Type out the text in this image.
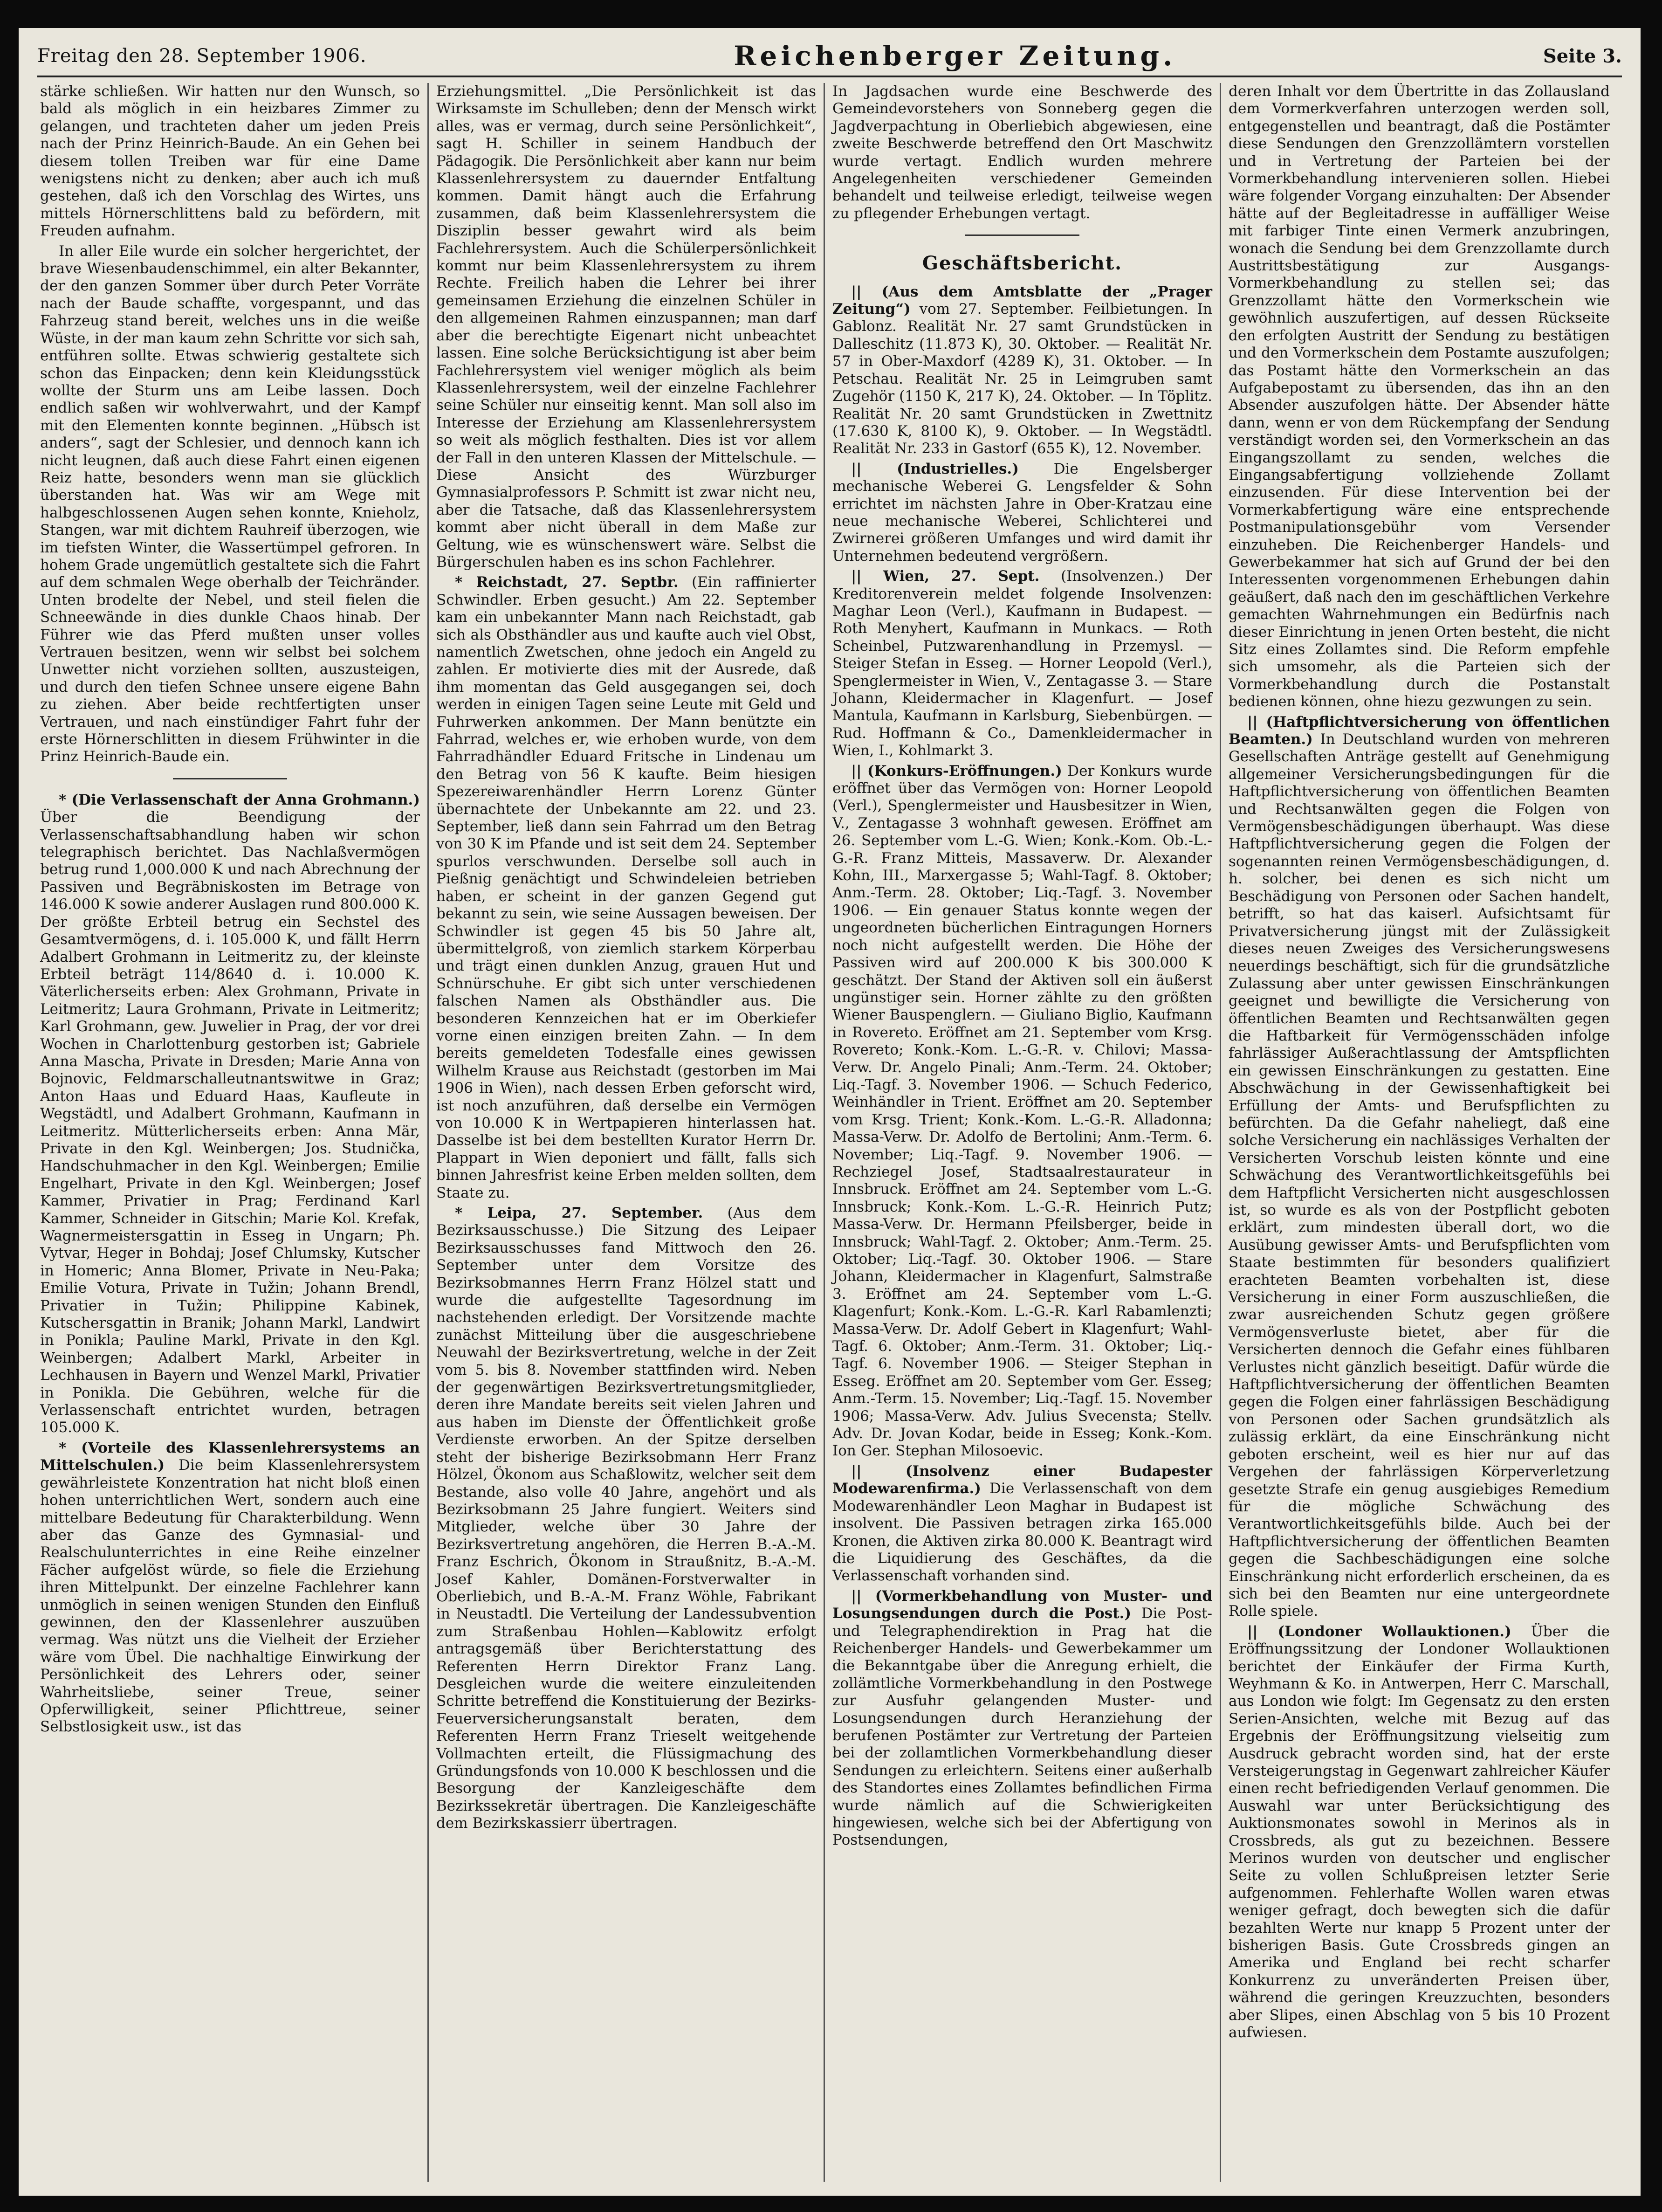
Freitag den 28. September 1906.	Reichenberger Zeitung.	Seite 3.

stärke schließen. Wir hatten nur den Wunsch, so bald als möglich in ein heizbares Zimmer zu gelangen, und trachteten daher um jeden Preis nach der Prinz Heinrich-Baude. An ein Gehen bei diesem tollen Treiben war für eine Dame wenigstens nicht zu denken; aber auch ich muß gestehen, daß ich den Vorschlag des Wirtes, uns mittels Hörnerschlittens bald zu befördern, mit Freuden aufnahm.

In aller Eile wurde ein solcher hergerichtet, der brave Wiesenbaudenschimmel, ein alter Bekannter, der den ganzen Sommer über durch Peter Vorräte nach der Baude schaffte, vorgespannt, und das Fahrzeug stand bereit, welches uns in die weiße Wüste, in der man kaum zehn Schritte vor sich sah, entführen sollte. Etwas schwierig gestaltete sich schon das Einpacken; denn kein Kleidungsstück wollte der Sturm uns am Leibe lassen. Doch endlich saßen wir wohlverwahrt, und der Kampf mit den Elementen konnte beginnen. „Hübsch ist anders“, sagt der Schlesier, und dennoch kann ich nicht leugnen, daß auch diese Fahrt einen eigenen Reiz hatte, besonders wenn man sie glücklich überstanden hat. Was wir am Wege mit halbgeschlossenen Augen sehen konnte, Knieholz, Stangen, war mit dichtem Rauhreif überzogen, wie im tiefsten Winter, die Wassertümpel gefroren. In hohem Grade ungemütlich gestaltete sich die Fahrt auf dem schmalen Wege oberhalb der Teichränder. Unten brodelte der Nebel, und steil fielen die Schneewände in dies dunkle Chaos hinab. Der Führer wie das Pferd mußten unser volles Vertrauen besitzen, wenn wir selbst bei solchem Unwetter nicht vorziehen sollten, auszusteigen, und durch den tiefen Schnee unsere eigene Bahn zu ziehen. Aber beide rechtfertigten unser Vertrauen, und nach einstündiger Fahrt fuhr der erste Hörnerschlitten in diesem Frühwinter in die Prinz Heinrich-Baude ein.

* (Die Verlassenschaft der Anna Grohmann.) Über die Beendigung der Verlassenschaftsabhandlung haben wir schon telegraphisch berichtet. Das Nachlaßvermögen betrug rund 1,000.000 K und nach Abrechnung der Passiven und Begräbniskosten im Betrage von 146.000 K sowie anderer Auslagen rund 800.000 K. Der größte Erbteil betrug ein Sechstel des Gesamtvermögens, d. i. 105.000 K, und fällt Herrn Adalbert Grohmann in Leitmeritz zu, der kleinste Erbteil beträgt 114/8640 d. i. 10.000 K. Väterlicherseits erben: Alex Grohmann, Private in Leitmeritz; Laura Grohmann, Private in Leitmeritz; Karl Grohmann, gew. Juwelier in Prag, der vor drei Wochen in Charlottenburg gestorben ist; Gabriele Anna Mascha, Private in Dresden; Marie Anna von Bojnovic, Feldmarschalleutnantswitwe in Graz; Anton Haas und Eduard Haas, Kaufleute in Wegstädtl, und Adalbert Grohmann, Kaufmann in Leitmeritz. Mütterlicherseits erben: Anna Mär, Private in den Kgl. Weinbergen; Jos. Studnička, Handschuhmacher in den Kgl. Weinbergen; Emilie Engelhart, Private in den Kgl. Weinbergen; Josef Kammer, Privatier in Prag; Ferdinand Karl Kammer, Schneider in Gitschin; Marie Kol. Krefak, Wagnermeistersgattin in Esseg in Ungarn; Ph. Vytvar, Heger in Bohdaj; Josef Chlumsky, Kutscher in Homeric; Anna Blomer, Private in Neu-Paka; Emilie Votura, Private in Tužin; Johann Brendl, Privatier in Tužin; Philippine Kabinek, Kutschersgattin in Branik; Johann Markl, Landwirt in Ponikla; Pauline Markl, Private in den Kgl. Weinbergen; Adalbert Markl, Arbeiter in Lechhausen in Bayern und Wenzel Markl, Privatier in Ponikla. Die Gebühren, welche für die Verlassenschaft entrichtet wurden, betragen 105.000 K.

* (Vorteile des Klassenlehrersystems an Mittelschulen.) Die beim Klassenlehrersystem gewährleistete Konzentration hat nicht bloß einen hohen unterrichtlichen Wert, sondern auch eine mittelbare Bedeutung für Charakterbildung. Wenn aber das Ganze des Gymnasial- und Realschulunterrichtes in eine Reihe einzelner Fächer aufgelöst würde, so fiele die Erziehung ihren Mittelpunkt. Der einzelne Fachlehrer kann unmöglich in seinen wenigen Stunden den Einfluß gewinnen, den der Klassenlehrer auszuüben vermag. Was nützt uns die Vielheit der Erzieher wäre vom Übel. Die nachhaltige Einwirkung der Persönlichkeit des Lehrers oder, seiner Wahrheitsliebe, seiner Treue, seiner Opferwilligkeit, seiner Pflichttreue, seiner Selbstlosigkeit usw., ist das

Erziehungsmittel. „Die Persönlichkeit ist das Wirksamste im Schulleben; denn der Mensch wirkt alles, was er vermag, durch seine Persönlichkeit“, sagt H. Schiller in seinem Handbuch der Pädagogik. Die Persönlichkeit aber kann nur beim Klassenlehrersystem zu dauernder Entfaltung kommen. Damit hängt auch die Erfahrung zusammen, daß beim Klassenlehrersystem die Disziplin besser gewahrt wird als beim Fachlehrersystem. Auch die Schülerpersönlichkeit kommt nur beim Klassenlehrersystem zu ihrem Rechte. Freilich haben die Lehrer bei ihrer gemeinsamen Erziehung die einzelnen Schüler in den allgemeinen Rahmen einzuspannen; man darf aber die berechtigte Eigenart nicht unbeachtet lassen. Eine solche Berücksichtigung ist aber beim Fachlehrersystem viel weniger möglich als beim Klassenlehrersystem, weil der einzelne Fachlehrer seine Schüler nur einseitig kennt. Man soll also im Interesse der Erziehung am Klassenlehrersystem so weit als möglich festhalten. Dies ist vor allem der Fall in den unteren Klassen der Mittelschule. — Diese Ansicht des Würzburger Gymnasialprofessors P. Schmitt ist zwar nicht neu, aber die Tatsache, daß das Klassenlehrersystem kommt aber nicht überall in dem Maße zur Geltung, wie es wünschenswert wäre. Selbst die Bürgerschulen haben es ins schon Fachlehrer.

* Reichstadt, 27. Septbr. (Ein raffinierter Schwindler. Erben gesucht.) Am 22. September kam ein unbekannter Mann nach Reichstadt, gab sich als Obsthändler aus und kaufte auch viel Obst, namentlich Zwetschen, ohne jedoch ein Angeld zu zahlen. Er motivierte dies mit der Ausrede, daß ihm momentan das Geld ausgegangen sei, doch werden in einigen Tagen seine Leute mit Geld und Fuhrwerken ankommen. Der Mann benützte ein Fahrrad, welches er, wie erhoben wurde, von dem Fahrradhändler Eduard Fritsche in Lindenau um den Betrag von 56 K kaufte. Beim hiesigen Spezereiwarenhändler Herrn Lorenz Günter übernachtete der Unbekannte am 22. und 23. September, ließ dann sein Fahrrad um den Betrag von 30 K im Pfande und ist seit dem 24. September spurlos verschwunden. Derselbe soll auch in Pießnig genächtigt und Schwindeleien betrieben haben, er scheint in der ganzen Gegend gut bekannt zu sein, wie seine Aussagen beweisen. Der Schwindler ist gegen 45 bis 50 Jahre alt, übermittelgroß, von ziemlich starkem Körperbau und trägt einen dunklen Anzug, grauen Hut und Schnürschuhe. Er gibt sich unter verschiedenen falschen Namen als Obsthändler aus. Die besonderen Kennzeichen hat er im Oberkiefer vorne einen einzigen breiten Zahn. — In dem bereits gemeldeten Todesfalle eines gewissen Wilhelm Krause aus Reichstadt (gestorben im Mai 1906 in Wien), nach dessen Erben geforscht wird, ist noch anzuführen, daß derselbe ein Vermögen von 10.000 K in Wertpapieren hinterlassen hat. Dasselbe ist bei dem bestellten Kurator Herrn Dr. Plappart in Wien deponiert und fällt, falls sich binnen Jahresfrist keine Erben melden sollten, dem Staate zu.

* Leipa, 27. September. (Aus dem Bezirksausschusse.) Die Sitzung des Leipaer Bezirksausschusses fand Mittwoch den 26. September unter dem Vorsitze des Bezirksobmannes Herrn Franz Hölzel statt und wurde die aufgestellte Tagesordnung im nachstehenden erledigt. Der Vorsitzende machte zunächst Mitteilung über die ausgeschriebene Neuwahl der Bezirksvertretung, welche in der Zeit vom 5. bis 8. November stattfinden wird. Neben der gegenwärtigen Bezirksvertretungsmitglieder, deren ihre Mandate bereits seit vielen Jahren und aus haben im Dienste der Öffentlichkeit große Verdienste erworben. An der Spitze derselben steht der bisherige Bezirksobmann Herr Franz Hölzel, Ökonom aus Schaßlowitz, welcher seit dem Bestande, also volle 40 Jahre, angehört und als Bezirksobmann 25 Jahre fungiert. Weiters sind Mitglieder, welche über 30 Jahre der Bezirksvertretung angehören, die Herren B.-A.-M. Franz Eschrich, Ökonom in Straußnitz, B.-A.-M. Josef Kahler, Domänen-Forstverwalter in Oberliebich, und B.-A.-M. Franz Wöhle, Fabrikant in Neustadtl. Die Verteilung der Landessubvention zum Straßenbau Hohlen—Kablowitz erfolgt antragsgemäß über Berichterstattung des Referenten Herrn Direktor Franz Lang. Desgleichen wurde die weitere einzuleitenden Schritte betreffend die Konstituierung der Bezirks-Feuerversicherungsanstalt beraten, dem Referenten Herrn Franz Trieselt weitgehende Vollmachten erteilt, die Flüssigmachung des Gründungsfonds von 10.000 K beschlossen und die Besorgung der Kanzleigeschäfte dem Bezirkssekretär übertragen. Die Kanzleigeschäfte dem Bezirkskassierr übertragen.

In Jagdsachen wurde eine Beschwerde des Gemeindevorstehers von Sonneberg gegen die Jagdverpachtung in Oberliebich abgewiesen, eine zweite Beschwerde betreffend den Ort Maschwitz wurde vertagt. Endlich wurden mehrere Angelegenheiten verschiedener Gemeinden behandelt und teilweise erledigt, teilweise wegen zu pflegender Erhebungen vertagt.

Geschäftsbericht.

|| (Aus dem Amtsblatte der „Prager Zeitung“) vom 27. September. Feilbietungen. In Gablonz. Realität Nr. 27 samt Grundstücken in Dalleschitz (11.873 K), 30. Oktober. — Realität Nr. 57 in Ober-Maxdorf (4289 K), 31. Oktober. — In Petschau. Realität Nr. 25 in Leimgruben samt Zugehör (1150 K, 217 K), 24. Oktober. — In Töplitz. Realität Nr. 20 samt Grundstücken in Zwettnitz (17.630 K, 8100 K), 9. Oktober. — In Wegstädtl. Realität Nr. 233 in Gastorf (655 K), 12. November.

|| (Industrielles.) Die Engelsberger mechanische Weberei G. Lengsfelder & Sohn errichtet im nächsten Jahre in Ober-Kratzau eine neue mechanische Weberei, Schlichterei und Zwirnerei größeren Umfanges und wird damit ihr Unternehmen bedeutend vergrößern.

|| Wien, 27. Sept. (Insolvenzen.) Der Kreditorenverein meldet folgende Insolvenzen: Maghar Leon (Verl.), Kaufmann in Budapest. — Roth Menyhert, Kaufmann in Munkacs. — Roth Scheinbel, Putzwarenhandlung in Przemysl. — Steiger Stefan in Esseg. — Horner Leopold (Verl.), Spenglermeister in Wien, V., Zentagasse 3. — Stare Johann, Kleidermacher in Klagenfurt. — Josef Mantula, Kaufmann in Karlsburg, Siebenbürgen. — Rud. Hoffmann & Co., Damenkleidermacher in Wien, I., Kohlmarkt 3.

|| (Konkurs-Eröffnungen.) Der Konkurs wurde eröffnet über das Vermögen von: Horner Leopold (Verl.), Spenglermeister und Hausbesitzer in Wien, V., Zentagasse 3 wohnhaft gewesen. Eröffnet am 26. September vom L.-G. Wien; Konk.-Kom. Ob.-L.-G.-R. Franz Mitteis, Massaverw. Dr. Alexander Kohn, III., Marxergasse 5; Wahl-Tagf. 8. Oktober; Anm.-Term. 28. Oktober; Liq.-Tagf. 3. November 1906. — Ein genauer Status konnte wegen der ungeordneten bücherlichen Eintragungen Horners noch nicht aufgestellt werden. Die Höhe der Passiven wird auf 200.000 K bis 300.000 K geschätzt. Der Stand der Aktiven soll ein äußerst ungünstiger sein. Horner zählte zu den größten Wiener Bauspenglern. — Giuliano Biglio, Kaufmann in Rovereto. Eröffnet am 21. September vom Krsg. Rovereto; Konk.-Kom. L.-G.-R. v. Chilovi; Massa-Verw. Dr. Angelo Pinali; Anm.-Term. 24. Oktober; Liq.-Tagf. 3. November 1906. — Schuch Federico, Weinhändler in Trient. Eröffnet am 20. September vom Krsg. Trient; Konk.-Kom. L.-G.-R. Alladonna; Massa-Verw. Dr. Adolfo de Bertolini; Anm.-Term. 6. November; Liq.-Tagf. 9. November 1906. — Rechziegel Josef, Stadtsaalrestaurateur in Innsbruck. Eröffnet am 24. September vom L.-G. Innsbruck; Konk.-Kom. L.-G.-R. Heinrich Putz; Massa-Verw. Dr. Hermann Pfeilsberger, beide in Innsbruck; Wahl-Tagf. 2. Oktober; Anm.-Term. 25. Oktober; Liq.-Tagf. 30. Oktober 1906. — Stare Johann, Kleidermacher in Klagenfurt, Salmstraße 3. Eröffnet am 24. September vom L.-G. Klagenfurt; Konk.-Kom. L.-G.-R. Karl Rabamlenzti; Massa-Verw. Dr. Adolf Gebert in Klagenfurt; Wahl-Tagf. 6. Oktober; Anm.-Term. 31. Oktober; Liq.-Tagf. 6. November 1906. — Steiger Stephan in Esseg. Eröffnet am 20. September vom Ger. Esseg; Anm.-Term. 15. November; Liq.-Tagf. 15. November 1906; Massa-Verw. Adv. Julius Svecensta; Stellv. Adv. Dr. Jovan Kodar, beide in Esseg; Konk.-Kom. Ion Ger. Stephan Milosoevic.

|| (Insolvenz einer Budapester Modewarenfirma.) Die Verlassenschaft von dem Modewarenhändler Leon Maghar in Budapest ist insolvent. Die Passiven betragen zirka 165.000 Kronen, die Aktiven zirka 80.000 K. Beantragt wird die Liquidierung des Geschäftes, da die Verlassenschaft vorhanden sind.

|| (Vormerkbehandlung von Muster- und Losungsendungen durch die Post.) Die Post- und Telegraphendirektion in Prag hat die Reichenberger Handels- und Gewerbekammer um die Bekanntgabe über die Anregung erhielt, die zollämtliche Vormerkbehandlung in den Postwege zur Ausfuhr gelangenden Muster- und Losungsendungen durch Heranziehung der berufenen Postämter zur Vertretung der Parteien bei der zollamtlichen Vormerkbehandlung dieser Sendungen zu erleichtern. Seitens einer außerhalb des Standortes eines Zollamtes befindlichen Firma wurde nämlich auf die Schwierigkeiten hingewiesen, welche sich bei der Abfertigung von Postsendungen,

deren Inhalt vor dem Übertritte in das Zollausland dem Vormerkverfahren unterzogen werden soll, entgegenstellen und beantragt, daß die Postämter diese Sendungen den Grenzzollämtern vorstellen und in Vertretung der Parteien bei der Vormerkbehandlung intervenieren sollen. Hiebei wäre folgender Vorgang einzuhalten: Der Absender hätte auf der Begleitadresse in auffälliger Weise mit farbiger Tinte einen Vermerk anzubringen, wonach die Sendung bei dem Grenzzollamte durch Austrittsbestätigung zur Ausgangs-Vormerkbehandlung zu stellen sei; das Grenzzollamt hätte den Vormerkschein wie gewöhnlich auszufertigen, auf dessen Rückseite den erfolgten Austritt der Sendung zu bestätigen und den Vormerkschein dem Postamte auszufolgen; das Postamt hätte den Vormerkschein an das Aufgabepostamt zu übersenden, das ihn an den Absender auszufolgen hätte. Der Absender hätte dann, wenn er von dem Rückempfang der Sendung verständigt worden sei, den Vormerkschein an das Eingangszollamt zu senden, welches die Eingangsabfertigung vollziehende Zollamt einzusenden. Für diese Intervention bei der Vormerkabfertigung wäre eine entsprechende Postmanipulationsgebühr vom Versender einzuheben. Die Reichenberger Handels- und Gewerbekammer hat sich auf Grund der bei den Interessenten vorgenommenen Erhebungen dahin geäußert, daß nach den im geschäftlichen Verkehre gemachten Wahrnehmungen ein Bedürfnis nach dieser Einrichtung in jenen Orten besteht, die nicht Sitz eines Zollamtes sind. Die Reform empfehle sich umsomehr, als die Parteien sich der Vormerkbehandlung durch die Postanstalt bedienen können, ohne hiezu gezwungen zu sein.

|| (Haftpflichtversicherung von öffentlichen Beamten.) In Deutschland wurden von mehreren Gesellschaften Anträge gestellt auf Genehmigung allgemeiner Versicherungsbedingungen für die Haftpflichtversicherung von öffentlichen Beamten und Rechtsanwälten gegen die Folgen von Vermögensbeschädigungen überhaupt. Was diese Haftpflichtversicherung gegen die Folgen der sogenannten reinen Vermögensbeschädigungen, d. h. solcher, bei denen es sich nicht um Beschädigung von Personen oder Sachen handelt, betrifft, so hat das kaiserl. Aufsichtsamt für Privatversicherung jüngst mit der Zulässigkeit dieses neuen Zweiges des Versicherungswesens neuerdings beschäftigt, sich für die grundsätzliche Zulassung aber unter gewissen Einschränkungen geeignet und bewilligte die Versicherung von öffentlichen Beamten und Rechtsanwälten gegen die Haftbarkeit für Vermögensschäden infolge fahrlässiger Außerachtlassung der Amtspflichten ein gewissen Einschränkungen zu gestatten. Eine Abschwächung in der Gewissenhaftigkeit bei Erfüllung der Amts- und Berufspflichten zu befürchten. Da die Gefahr naheliegt, daß eine solche Versicherung ein nachlässiges Verhalten der Versicherten Vorschub leisten könnte und eine Schwächung des Verantwortlichkeitsgefühls bei dem Haftpflicht Versicherten nicht ausgeschlossen ist, so wurde es als von der Postpflicht geboten erklärt, zum mindesten überall dort, wo die Ausübung gewisser Amts- und Berufspflichten vom Staate bestimmten für besonders qualifiziert erachteten Beamten vorbehalten ist, diese Versicherung in einer Form auszuschließen, die zwar ausreichenden Schutz gegen größere Vermögensverluste bietet, aber für die Versicherten dennoch die Gefahr eines fühlbaren Verlustes nicht gänzlich beseitigt. Dafür würde die Haftpflichtversicherung der öffentlichen Beamten gegen die Folgen einer fahrlässigen Beschädigung von Personen oder Sachen grundsätzlich als zulässig erklärt, da eine Einschränkung nicht geboten erscheint, weil es hier nur auf das Vergehen der fahrlässigen Körperverletzung gesetzte Strafe ein genug ausgiebiges Remedium für die mögliche Schwächung des Verantwortlichkeitsgefühls bilde. Auch bei der Haftpflichtversicherung der öffentlichen Beamten gegen die Sachbeschädigungen eine solche Einschränkung nicht erforderlich erscheinen, da es sich bei den Beamten nur eine untergeordnete Rolle spiele.

|| (Londoner Wollauktionen.) Über die Eröffnungssitzung der Londoner Wollauktionen berichtet der Einkäufer der Firma Kurth, Weyhmann & Ko. in Antwerpen, Herr C. Marschall, aus London wie folgt: Im Gegensatz zu den ersten Serien-Ansichten, welche mit Bezug auf das Ergebnis der Eröffnungsitzung vielseitig zum Ausdruck gebracht worden sind, hat der erste Versteigerungstag in Gegenwart zahlreicher Käufer einen recht befriedigenden Verlauf genommen. Die Auswahl war unter Berücksichtigung des Auktionsmonates sowohl in Merinos als in Crossbreds, als gut zu bezeichnen. Bessere Merinos wurden von deutscher und englischer Seite zu vollen Schlußpreisen letzter Serie aufgenommen. Fehlerhafte Wollen waren etwas weniger gefragt, doch bewegten sich die dafür bezahlten Werte nur knapp 5 Prozent unter der bisherigen Basis. Gute Crossbreds gingen an Amerika und England bei recht scharfer Konkurrenz zu unveränderten Preisen über, während die geringen Kreuzzuchten, besonders aber Slipes, einen Abschlag von 5 bis 10 Prozent aufwiesen.
